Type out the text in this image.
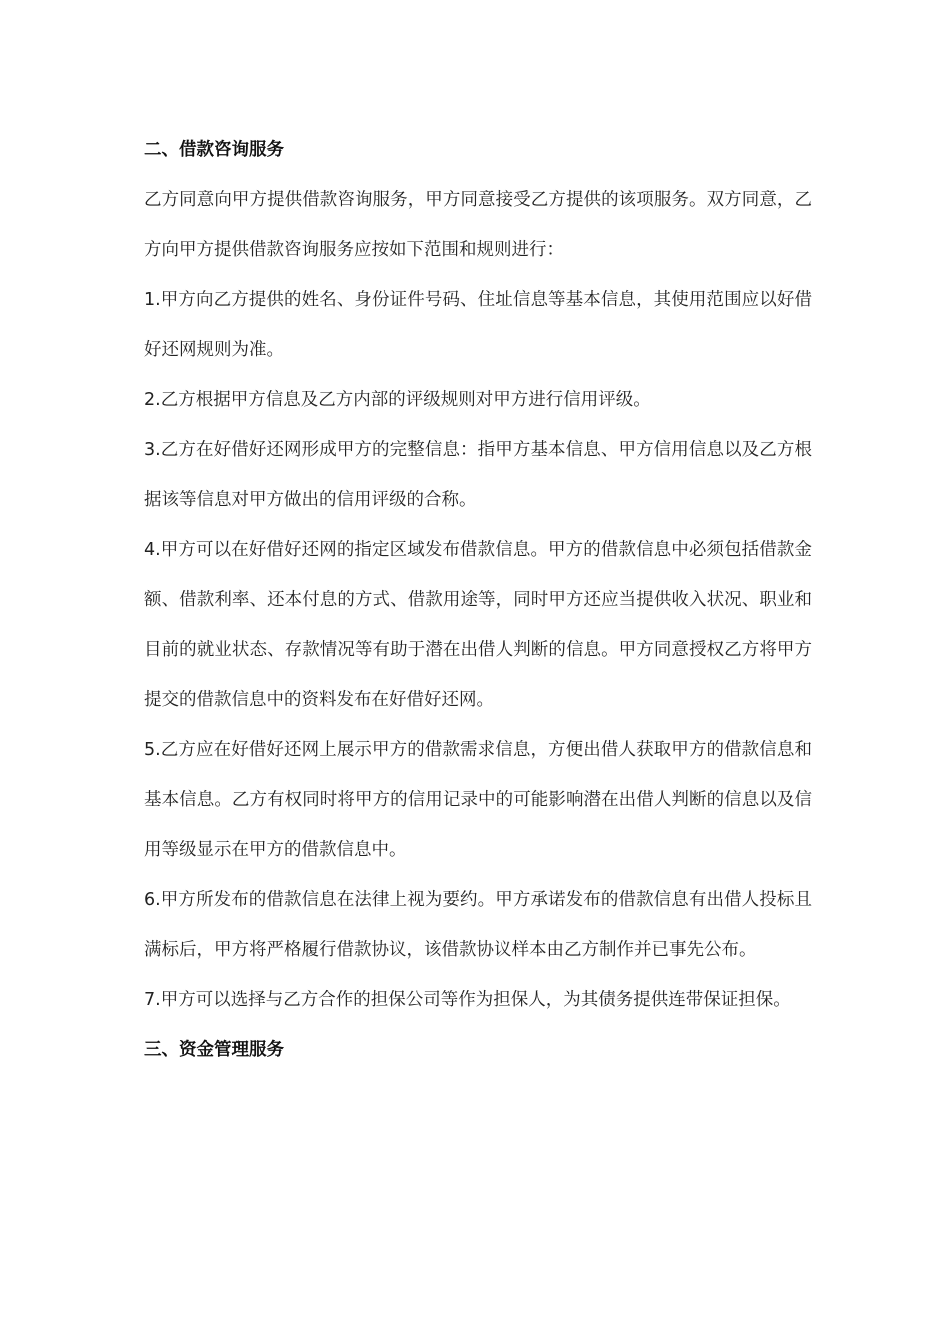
二、借款咨询服务

乙方同意向甲方提供借款咨询服务，甲方同意接受乙方提供的该项服务。双方同意，乙方向甲方提供借款咨询服务应按如下范围和规则进行：

1.甲方向乙方提供的姓名、身份证件号码、住址信息等基本信息，其使用范围应以好借好还网规则为准。

2.乙方根据甲方信息及乙方内部的评级规则对甲方进行信用评级。

3.乙方在好借好还网形成甲方的完整信息：指甲方基本信息、甲方信用信息以及乙方根据该等信息对甲方做出的信用评级的合称。

4.甲方可以在好借好还网的指定区域发布借款信息。甲方的借款信息中必须包括借款金额、借款利率、还本付息的方式、借款用途等，同时甲方还应当提供收入状况、职业和目前的就业状态、存款情况等有助于潜在出借人判断的信息。甲方同意授权乙方将甲方提交的借款信息中的资料发布在好借好还网。

5.乙方应在好借好还网上展示甲方的借款需求信息，方便出借人获取甲方的借款信息和基本信息。乙方有权同时将甲方的信用记录中的可能影响潜在出借人判断的信息以及信用等级显示在甲方的借款信息中。

6.甲方所发布的借款信息在法律上视为要约。甲方承诺发布的借款信息有出借人投标且满标后，甲方将严格履行借款协议，该借款协议样本由乙方制作并已事先公布。

7.甲方可以选择与乙方合作的担保公司等作为担保人，为其债务提供连带保证担保。

三、资金管理服务
